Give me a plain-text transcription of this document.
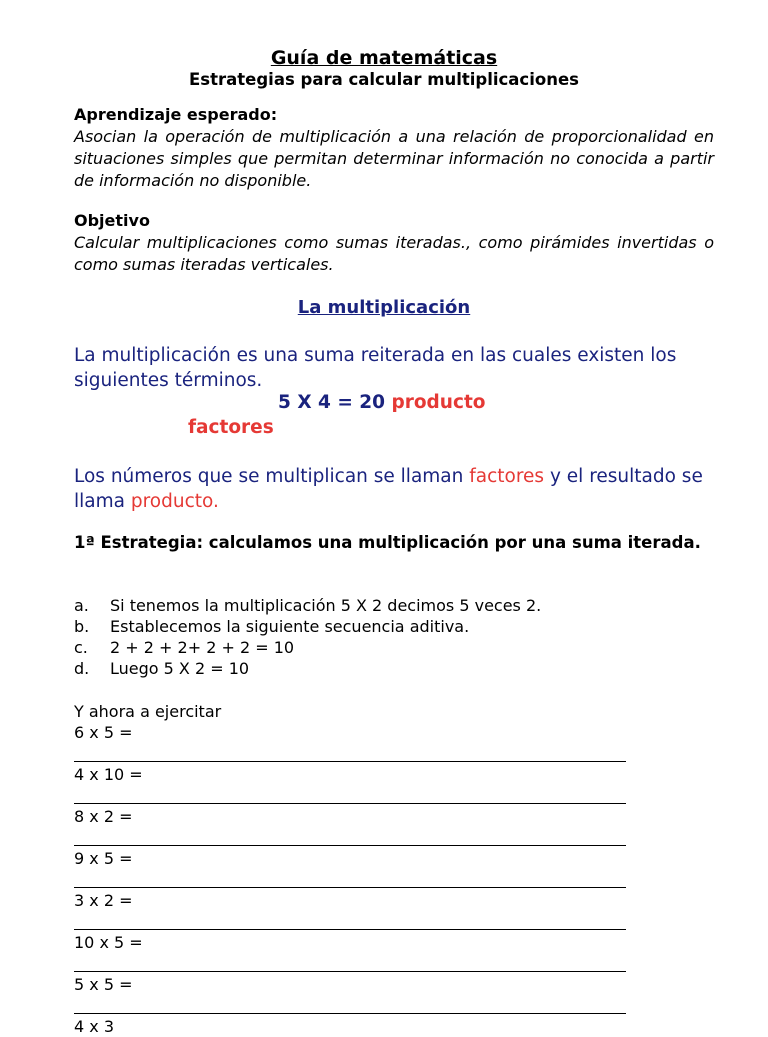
Guía de matemáticas
Estrategias para calcular multiplicaciones
Aprendizaje esperado:
Asocian la operación de multiplicación a una relación de proporcionalidad en situaciones simples que permitan determinar información no conocida a partir de información no disponible.
Objetivo
Calcular multiplicaciones como sumas iteradas., como pirámides invertidas o como sumas iteradas verticales.
La multiplicación
La multiplicación es una suma reiterada en las cuales existen los siguientes términos.
5 X 4 = 20 producto
factores
Los números que se multiplican se llaman factores y el resultado se llama producto.
1ª Estrategia: calculamos una multiplicación por una suma iterada.
a.	Si tenemos la multiplicación 5 X 2 decimos 5 veces 2.
b.	Establecemos la siguiente secuencia aditiva.
c.	2 + 2 + 2+ 2 + 2 = 10
d.	Luego 5 X 2 = 10
Y ahora a ejercitar
6 x 5 =
4 x 10 =
8 x 2 =
9 x 5 =
3 x 2 =
10 x 5 =
5 x 5 =
4 x 3
